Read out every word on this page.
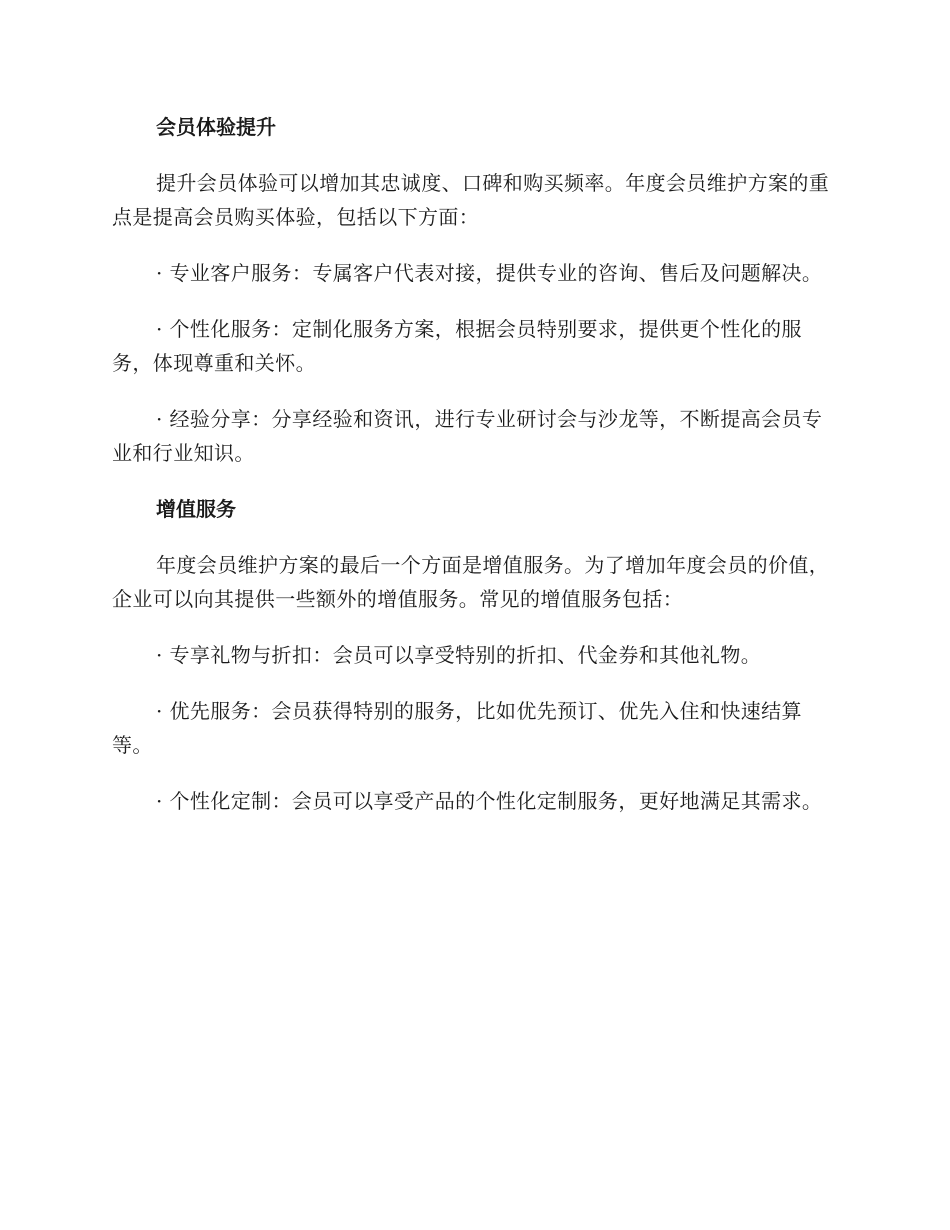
会员体验提升

提升会员体验可以增加其忠诚度、口碑和购买频率。年度会员维护方案的重点是提高会员购买体验，包括以下方面：

· 专业客户服务：专属客户代表对接，提供专业的咨询、售后及问题解决。

· 个性化服务：定制化服务方案，根据会员特别要求，提供更个性化的服务，体现尊重和关怀。

· 经验分享：分享经验和资讯，进行专业研讨会与沙龙等，不断提高会员专业和行业知识。

增值服务

年度会员维护方案的最后一个方面是增值服务。为了增加年度会员的价值，企业可以向其提供一些额外的增值服务。常见的增值服务包括：

· 专享礼物与折扣：会员可以享受特别的折扣、代金券和其他礼物。

· 优先服务：会员获得特别的服务，比如优先预订、优先入住和快速结算等。

· 个性化定制：会员可以享受产品的个性化定制服务，更好地满足其需求。
